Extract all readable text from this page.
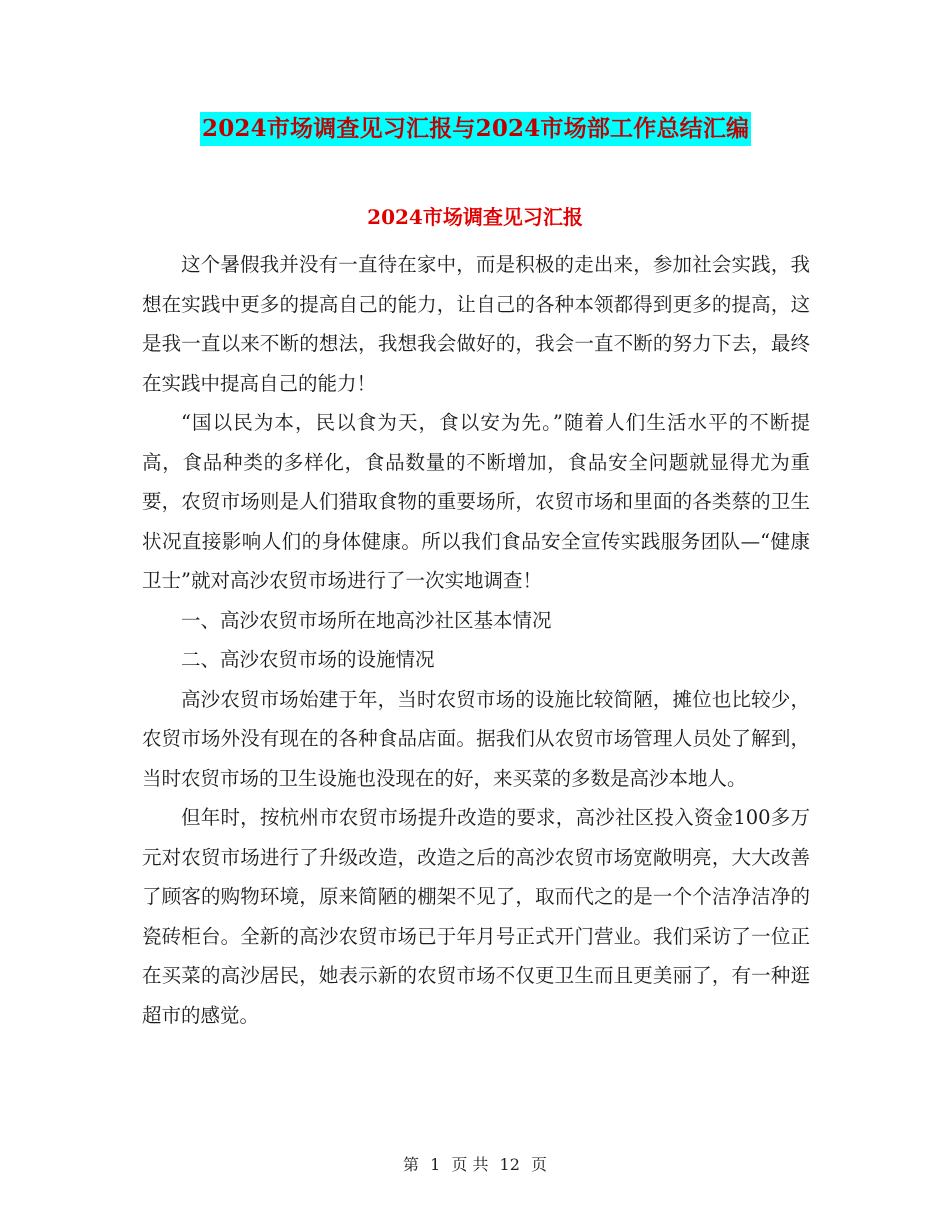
2024市场调查见习汇报与2024市场部工作总结汇编
2024市场调查见习汇报

这个暑假我并没有一直待在家中，而是积极的走出来，参加社会实践，我想在实践中更多的提高自己的能力，让自己的各种本领都得到更多的提高，这是我一直以来不断的想法，我想我会做好的，我会一直不断的努力下去，最终在实践中提高自己的能力！

“国以民为本，民以食为天，食以安为先。”随着人们生活水平的不断提高，食品种类的多样化，食品数量的不断增加，食品安全问题就显得尤为重要，农贸市场则是人们猎取食物的重要场所，农贸市场和里面的各类蔡的卫生状况直接影响人们的身体健康。所以我们食品安全宣传实践服务团队—“健康卫士”就对高沙农贸市场进行了一次实地调查！

一、高沙农贸市场所在地高沙社区基本情况

二、高沙农贸市场的设施情况

高沙农贸市场始建于年，当时农贸市场的设施比较简陋，摊位也比较少，农贸市场外没有现在的各种食品店面。据我们从农贸市场管理人员处了解到，当时农贸市场的卫生设施也没现在的好，来买菜的多数是高沙本地人。

但年时，按杭州市农贸市场提升改造的要求，高沙社区投入资金100多万元对农贸市场进行了升级改造，改造之后的高沙农贸市场宽敞明亮，大大改善了顾客的购物环境，原来简陋的棚架不见了，取而代之的是一个个洁净洁净的瓷砖柜台。全新的高沙农贸市场已于年月号正式开门营业。我们采访了一位正在买菜的高沙居民，她表示新的农贸市场不仅更卫生而且更美丽了，有一种逛超市的感觉。

第 1 页 共 12 页
